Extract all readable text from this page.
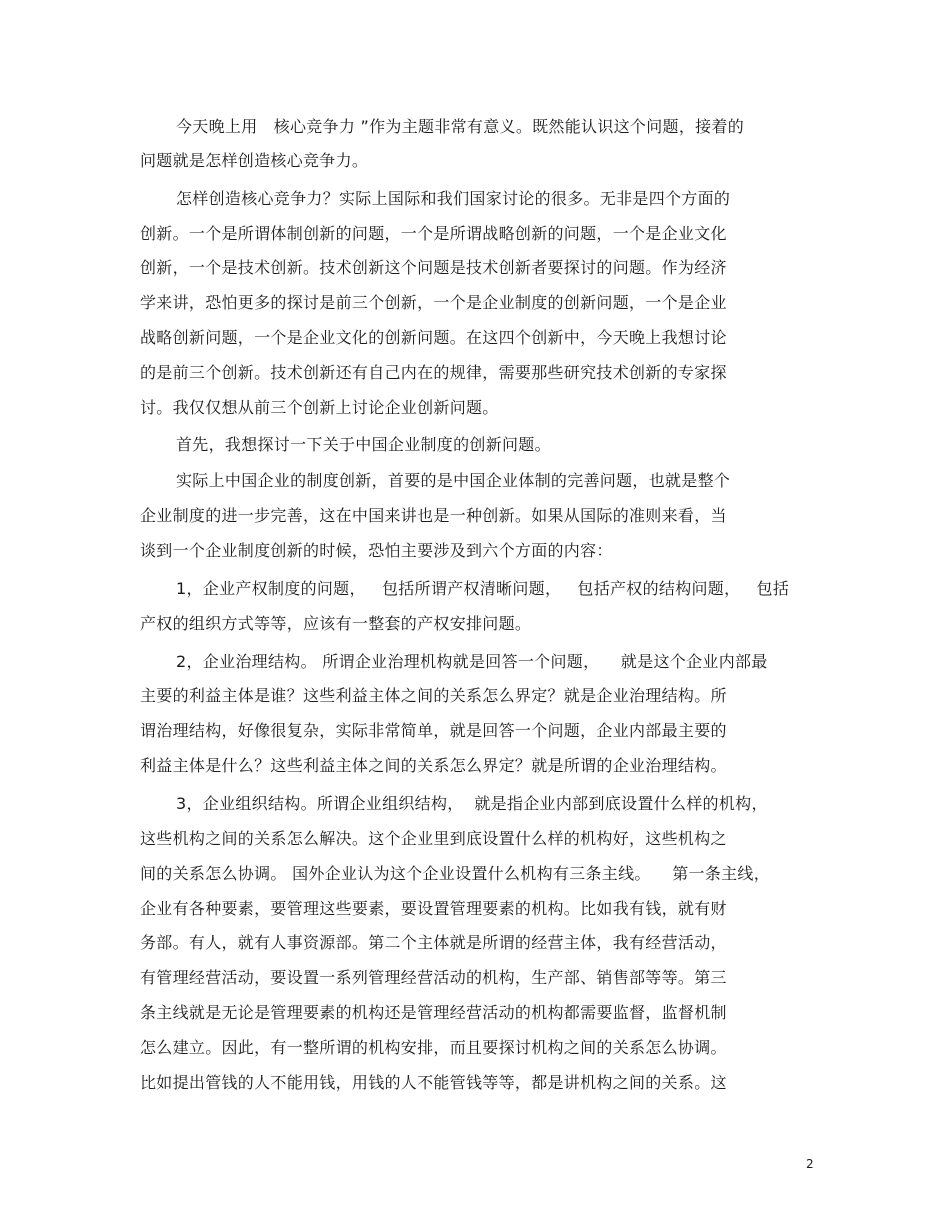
今天晚上用   核心竞争力 ”作为主题非常有意义。既然能认识这个问题，接着的
问题就是怎样创造核心竞争力。
怎样创造核心竞争力？实际上国际和我们国家讨论的很多。无非是四个方面的
创新。一个是所谓体制创新的问题，一个是所谓战略创新的问题，一个是企业文化
创新，一个是技术创新。技术创新这个问题是技术创新者要探讨的问题。作为经济
学来讲，恐怕更多的探讨是前三个创新，一个是企业制度的创新问题，一个是企业
战略创新问题，一个是企业文化的创新问题。在这四个创新中，今天晚上我想讨论
的是前三个创新。技术创新还有自己内在的规律，需要那些研究技术创新的专家探
讨。我仅仅想从前三个创新上讨论企业创新问题。
首先，我想探讨一下关于中国企业制度的创新问题。
实际上中国企业的制度创新，首要的是中国企业体制的完善问题，也就是整个
企业制度的进一步完善，这在中国来讲也是一种创新。如果从国际的准则来看，当
谈到一个企业制度创新的时候，恐怕主要涉及到六个方面的内容：
1，企业产权制度的问题，   包括所谓产权清晰问题，   包括产权的结构问题，   包括
产权的组织方式等等，应该有一整套的产权安排问题。
2，企业治理结构。 所谓企业治理机构就是回答一个问题，    就是这个企业内部最
主要的利益主体是谁？这些利益主体之间的关系怎么界定？就是企业治理结构。所
谓治理结构，好像很复杂，实际非常简单，就是回答一个问题，企业内部最主要的
利益主体是什么？这些利益主体之间的关系怎么界定？就是所谓的企业治理结构。
3，企业组织结构。所谓企业组织结构，  就是指企业内部到底设置什么样的机构，
这些机构之间的关系怎么解决。这个企业里到底设置什么样的机构好，这些机构之
间的关系怎么协调。 国外企业认为这个企业设置什么机构有三条主线。    第一条主线，
企业有各种要素，要管理这些要素，要设置管理要素的机构。比如我有钱，就有财
务部。有人，就有人事资源部。第二个主体就是所谓的经营主体，我有经营活动，
有管理经营活动，要设置一系列管理经营活动的机构，生产部、销售部等等。第三
条主线就是无论是管理要素的机构还是管理经营活动的机构都需要监督，监督机制
怎么建立。因此，有一整所谓的机构安排，而且要探讨机构之间的关系怎么协调。
比如提出管钱的人不能用钱，用钱的人不能管钱等等，都是讲机构之间的关系。这
2
